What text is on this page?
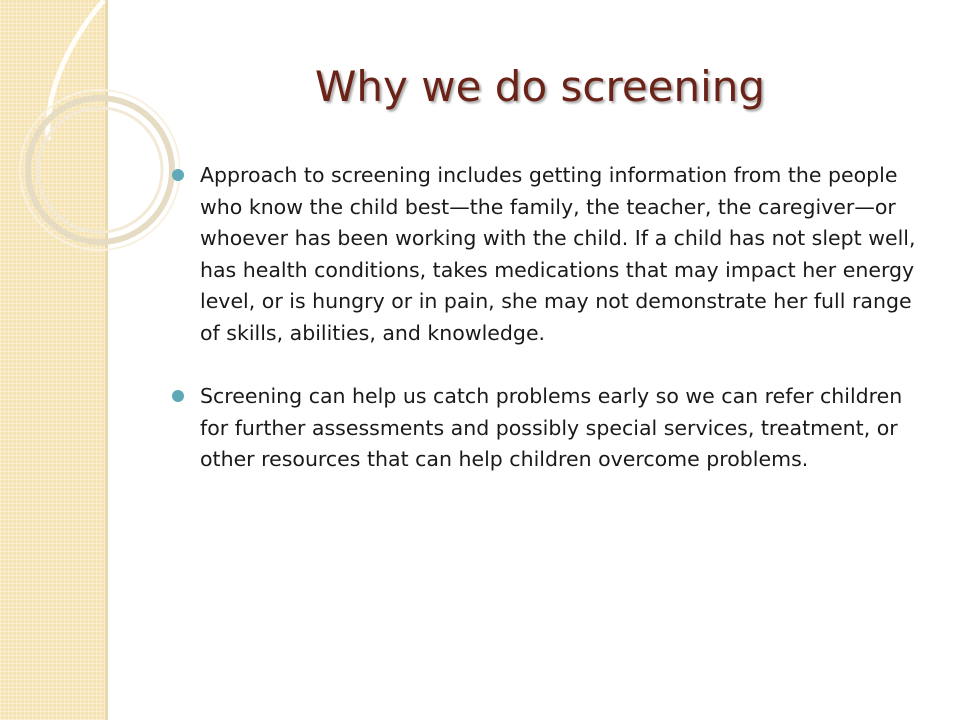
Why we do screening
Approach to screening includes getting information from the people who know the child best—the family, the teacher, the caregiver—or whoever has been working with the child. If a child has not slept well, has health conditions, takes medications that may impact her energy level, or is hungry or in pain, she may not demonstrate her full range of skills, abilities, and knowledge.
Screening can help us catch problems early so we can refer children for further assessments and possibly special services, treatment, or other resources that can help children overcome problems.
